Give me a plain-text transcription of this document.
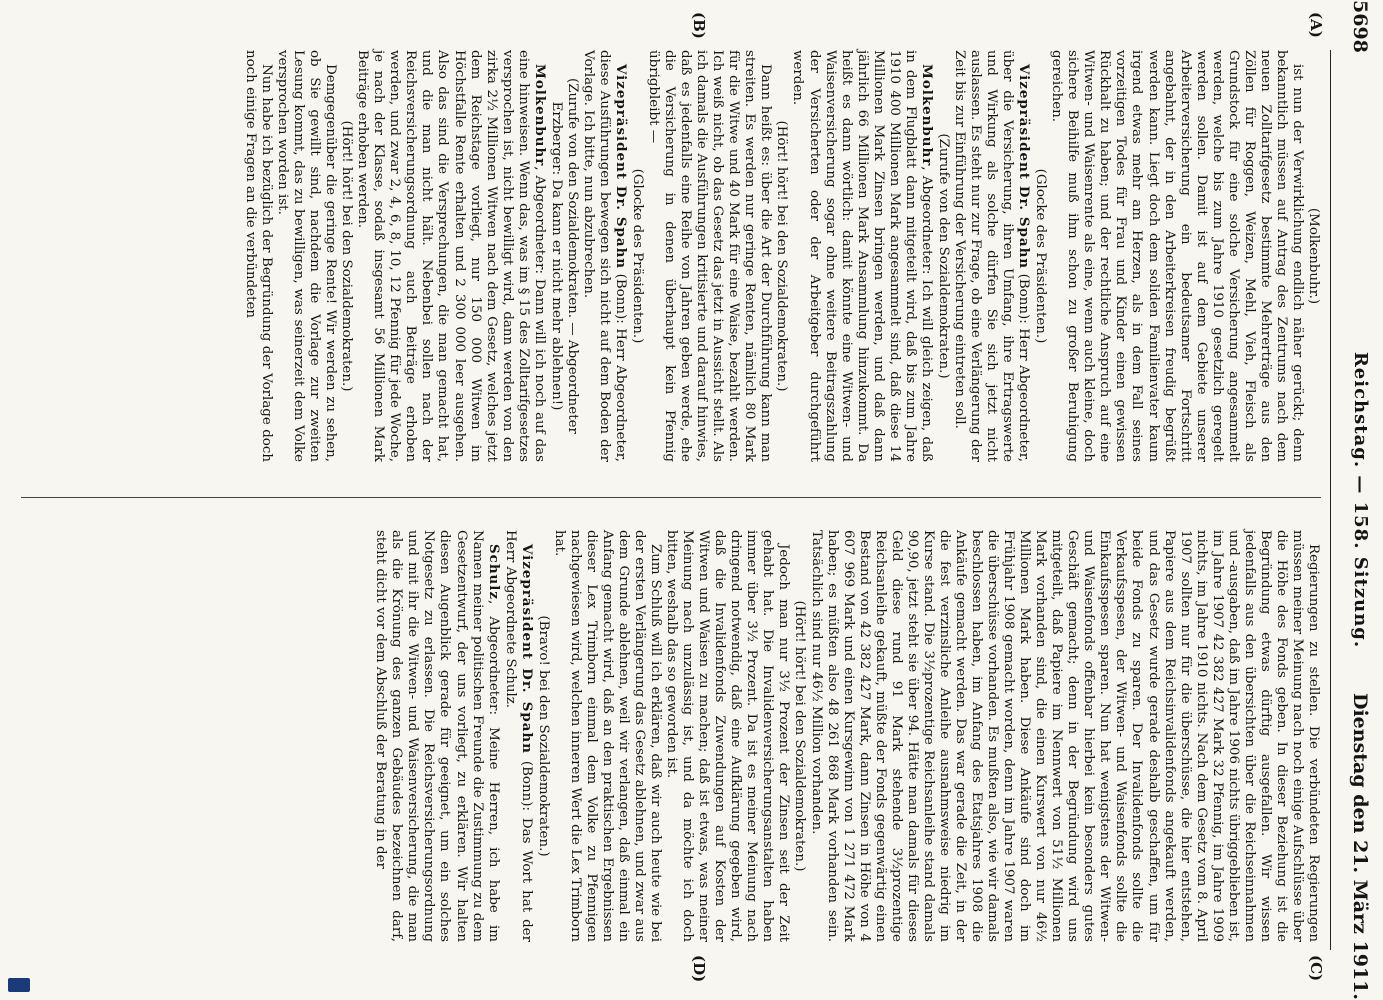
5698
Reichstag. — 158. Sitzung.
Dienstag den 21. März 1911.
(A)
(B)
(C)
(D)

(Molkenbuhr.)

ist nun der Verwirklichung endlich näher gerückt; denn bekanntlich müssen auf Antrag des Zentrums nach dem neuen Zolltarifgesetz bestimmte Mehrerträge aus den Zöllen für Roggen, Weizen, Mehl, Vieh, Fleisch als Grundstock für eine solche Versicherung angesammelt werden, welche bis zum Jahre 1910 gesetzlich geregelt werden sollen. Damit ist auf dem Gebiete unserer Arbeiterversicherung ein bedeutsamer Fortschritt angebahnt, der in den Arbeiterkreisen freudig begrüßt werden kann. Liegt doch dem soliden Familienvater kaum irgend etwas mehr am Herzen, als in dem Fall seines vorzeitigen Todes für Frau und Kinder einen gewissen Rückhalt zu haben; und der rechtliche Anspruch auf eine Witwen- und Waisenrente als eine, wenn auch kleine, doch sichere Beihilfe muß ihm schon zu großer Beruhigung gereichen.

(Glocke des Präsidenten.)

Vizepräsident Dr. Spahn (Bonn): Herr Abgeordneter, über die Versicherung, ihren Umfang, ihre Ertragswerte und Wirkung als solche dürfen Sie sich jetzt nicht auslassen. Es steht nur zur Frage, ob eine Verlängerung der Zeit bis zur Einführung der Versicherung eintreten soll.

(Zurufe von den Sozialdemokraten.)

Molkenbuhr, Abgeordneter: Ich will gleich zeigen, daß in dem Flugblatt dann mitgeteilt wird, daß bis zum Jahre 1910 400 Millionen Mark angesammelt sind, daß diese 14 Millionen Mark Zinsen bringen werden, und daß dann jährlich 66 Millionen Mark Ansammlung hinzukommt. Da heißt es dann wörtlich: damit könnte eine Witwen- und Waisenversicherung sogar ohne weitere Beitragszahlung der Versicherten oder der Arbeitgeber durchgeführt werden.

(Hört! hört! bei den Sozialdemokraten.)

Dann heißt es: über die Art der Durchführung kann man streiten. Es werden nur geringe Renten, nämlich 80 Mark für die Witwe und 40 Mark für eine Waise, bezahlt werden. Ich weiß nicht, ob das Gesetz das jetzt in Aussicht stellt. Als ich damals die Ausführungen kritisierte und darauf hinwies, daß es jedenfalls eine Reihe von Jahren geben werde, ehe die Versicherung in denen überhaupt kein Pfennig übrigbleibt —

(Glocke des Präsidenten.)

Vizepräsident Dr. Spahn (Bonn): Herr Abgeordneter, diese Ausführungen bewegen sich nicht auf dem Boden der Vorlage. Ich bitte, nun abzubrechen.

(Zurufe von den Sozialdemokraten. — Abgeordneter Erzberger: Da kann er nicht mehr ablehnen!)

Molkenbuhr, Abgeordneter: Dann will ich noch auf das eine hinweisen. Wenn das, was im § 15 des Zolltarifgesetzes versprochen ist, nicht bewilligt wird, dann werden von den zirka 2½ Millionen Witwen nach dem Gesetz, welches jetzt dem Reichstage vorliegt, nur 150 000 Witwen im Höchstfalle Rente erhalten und 2 300 000 leer ausgehen. Also das sind die Versprechungen, die man gemacht hat, und die man nicht hält. Nebenbei sollen nach der Reichsversicherungsordnung auch Beiträge erhoben werden, und zwar 2, 4, 6, 8, 10, 12 Pfennig für jede Woche, je nach der Klasse, sodaß insgesamt 56 Millionen Mark Beiträge erhoben werden.

(Hört! hört! bei den Sozialdemokraten.)

Demgegenüber die geringe Rente! Wir werden zu sehen, ob Sie gewillt sind, nachdem die Vorlage zur zweiten Lesung kommt, das zu bewilligen, was seinerzeit dem Volke versprochen worden ist.

Nun habe ich bezüglich der Begründung der Vorlage doch noch einige Fragen an die verbündeten

Regierungen zu stellen. Die verbündeten Regierungen müssen meiner Meinung nach noch einige Aufschlüsse über die Höhe des Fonds geben. In dieser Beziehung ist die Begründung etwas dürftig ausgefallen. Wir wissen jedenfalls aus den übersichten über die Reichseinnahmen und -ausgaben, daß im Jahre 1906 nichts übriggeblieben ist, im Jahre 1907 42 382 427 Mark 32 Pfennig, im Jahre 1909 nichts, im Jahre 1910 nichts. Nach dem Gesetz vom 8. April 1907 sollten nur für die überschüsse, die hier entstehen, Papiere aus dem Reichsinvalidenfonds angekauft werden, und das Gesetz wurde gerade deshalb geschaffen, um für beide Fonds zu sparen. Der Invalidenfonds sollte die Verkaufsspesen, der Witwen- und Waisenfonds sollte die Einkaufsspesen sparen. Nun hat wenigstens der Witwen- und Waisenfonds offenbar hierbei kein besonders gutes Geschäft gemacht; denn in der Begründung wird uns mitgeteilt, daß Papiere im Nennwert von 51½ Millionen Mark vorhanden sind, die einen Kurswert von nur 46½ Millionen Mark haben. Diese Ankäufe sind doch im Frühjahr 1908 gemacht worden, denn im Jahre 1907 waren die überschüsse vorhanden. Es mußten also, wie wir damals beschlossen haben, im Anfang des Etatsjahres 1908 die Ankäufe gemacht werden. Das war gerade die Zeit, in der die fest verzinsliche Anleihe ausnahmsweise niedrig im Kurse stand. Die 3½prozentige Reichsanleihe stand damals 90,90, jetzt steht sie über 94. Hätte man damals für dieses Geld diese rund 91 Mark stehende 3½prozentige Reichsanleihe gekauft, müßte der Fonds gegenwärtig einen Bestand von 42 382 427 Mark, dann Zinsen in Höhe von 4 607 969 Mark und einen Kursgewinn von 1 271 472 Mark haben; es müßten also 48 261 868 Mark vorhanden sein. Tatsächlich sind nur 46½ Million vorhanden.

(Hört! hört! bei den Sozialdemokraten.)

Jedoch man nur 3½ Prozent der Zinsen seit der Zeit gehabt hat. Die Invalidenversicherungsanstalten haben immer über 3½ Prozent. Da ist es meiner Meinung nach dringend notwendig, daß eine Aufklärung gegeben wird, daß die Invalidenfonds Zuwendungen auf Kosten der Witwen und Waisen zu machen; daß ist etwas, was meiner Meinung nach unzulässig ist, und da möchte ich doch bitten, weshalb das so geworden ist.

Zum Schluß will ich erklären, daß wir auch heute wie bei der ersten Verlängerung das Gesetz ablehnen, und zwar aus dem Grunde ablehnen, weil wir verlangen, daß einmal ein Anfang gemacht wird, daß an den praktischen Ergebnissen dieser Lex Trimborn einmal dem Volke zu Pfennigen nachgewiesen wird, welchen inneren Wert die Lex Trimborn hat.

(Bravo! bei den Sozialdemokraten.)

Vizepräsident Dr. Spahn (Bonn): Das Wort hat der Herr Abgeordnete Schulz.

Schulz, Abgeordneter: Meine Herren, ich habe im Namen meiner politischen Freunde die Zustimmung zu dem Gesetzentwurf, der uns vorliegt, zu erklären. Wir halten diesen Augenblick gerade für geeignet, um ein solches Notgesetz zu erlassen. Die Reichsversicherungsordnung und mit ihr die Witwen- und Waisenversicherung, die man als die Krönung des ganzen Gebäudes bezeichnen darf, steht dicht vor dem Abschluß der Beratung in der
